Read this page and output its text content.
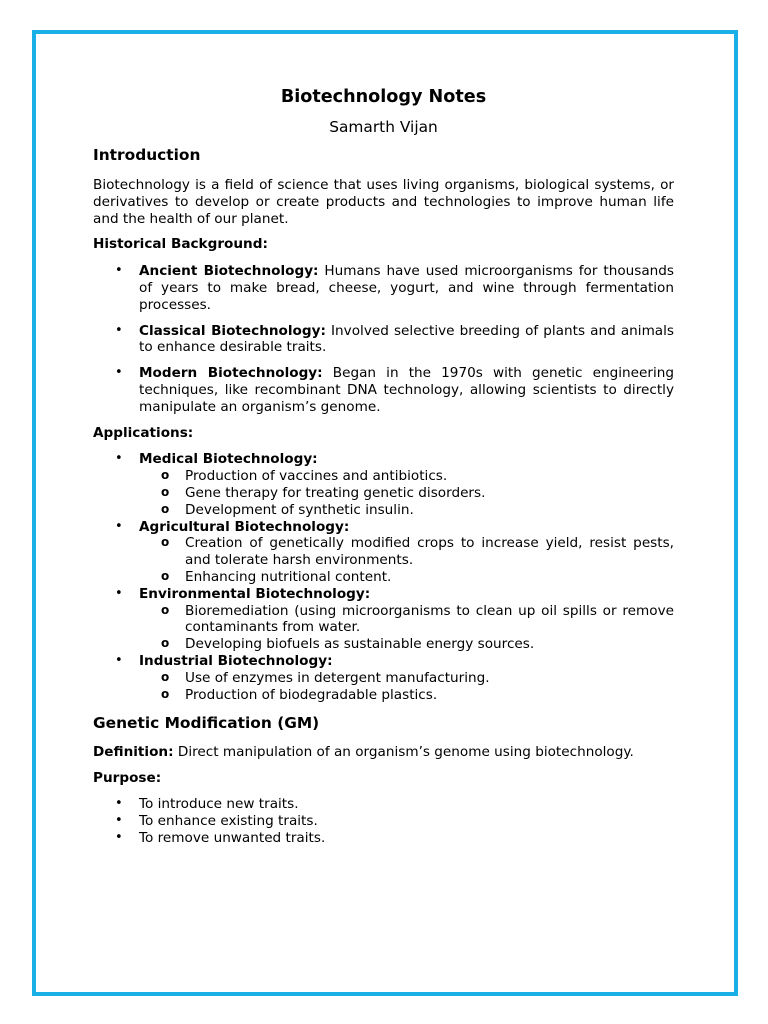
Biotechnology Notes
Samarth Vijan
Introduction

Biotechnology is a field of science that uses living organisms, biological systems, or derivatives to develop or create products and technologies to improve human life and the health of our planet.

Historical Background:
• Ancient Biotechnology: Humans have used microorganisms for thousands of years to make bread, cheese, yogurt, and wine through fermentation processes.
• Classical Biotechnology: Involved selective breeding of plants and animals to enhance desirable traits.
• Modern Biotechnology: Began in the 1970s with genetic engineering techniques, like recombinant DNA technology, allowing scientists to directly manipulate an organism’s genome.
Applications:
• Medical Biotechnology:
o Production of vaccines and antibiotics.
o Gene therapy for treating genetic disorders.
o Development of synthetic insulin.
• Agricultural Biotechnology:
o Creation of genetically modified crops to increase yield, resist pests, and tolerate harsh environments.
o Enhancing nutritional content.
• Environmental Biotechnology:
o Bioremediation (using microorganisms to clean up oil spills or remove contaminants from water.
o Developing biofuels as sustainable energy sources.
• Industrial Biotechnology:
o Use of enzymes in detergent manufacturing.
o Production of biodegradable plastics.
Genetic Modification (GM)

Definition: Direct manipulation of an organism’s genome using biotechnology.

Purpose:
• To introduce new traits.
• To enhance existing traits.
• To remove unwanted traits.
